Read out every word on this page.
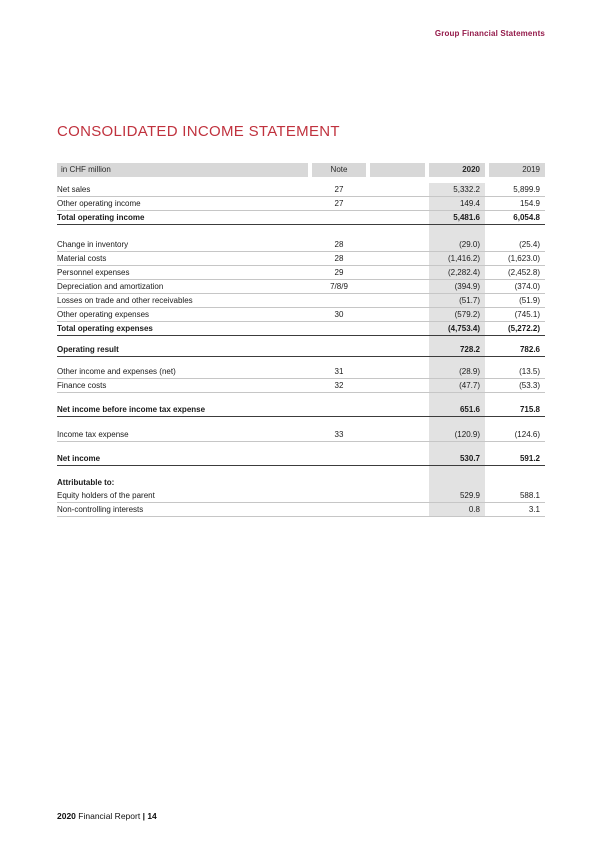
Group Financial Statements
CONSOLIDATED INCOME STATEMENT
in CHF million	Note	2020	2019
Net sales	27	5,332.2	5,899.9
Other operating income	27	149.4	154.9
Total operating income	5,481.6	6,054.8
Change in inventory	28	(29.0)	(25.4)
Material costs	28	(1,416.2)	(1,623.0)
Personnel expenses	29	(2,282.4)	(2,452.8)
Depreciation and amortization	7/8/9	(394.9)	(374.0)
Losses on trade and other receivables	(51.7)	(51.9)
Other operating expenses	30	(579.2)	(745.1)
Total operating expenses	(4,753.4)	(5,272.2)
Operating result	728.2	782.6
Other income and expenses (net)	31	(28.9)	(13.5)
Finance costs	32	(47.7)	(53.3)
Net income before income tax expense	651.6	715.8
Income tax expense	33	(120.9)	(124.6)
Net income	530.7	591.2
Attributable to:
Equity holders of the parent	529.9	588.1
Non-controlling interests	0.8	3.1
2020 Financial Report | 14
